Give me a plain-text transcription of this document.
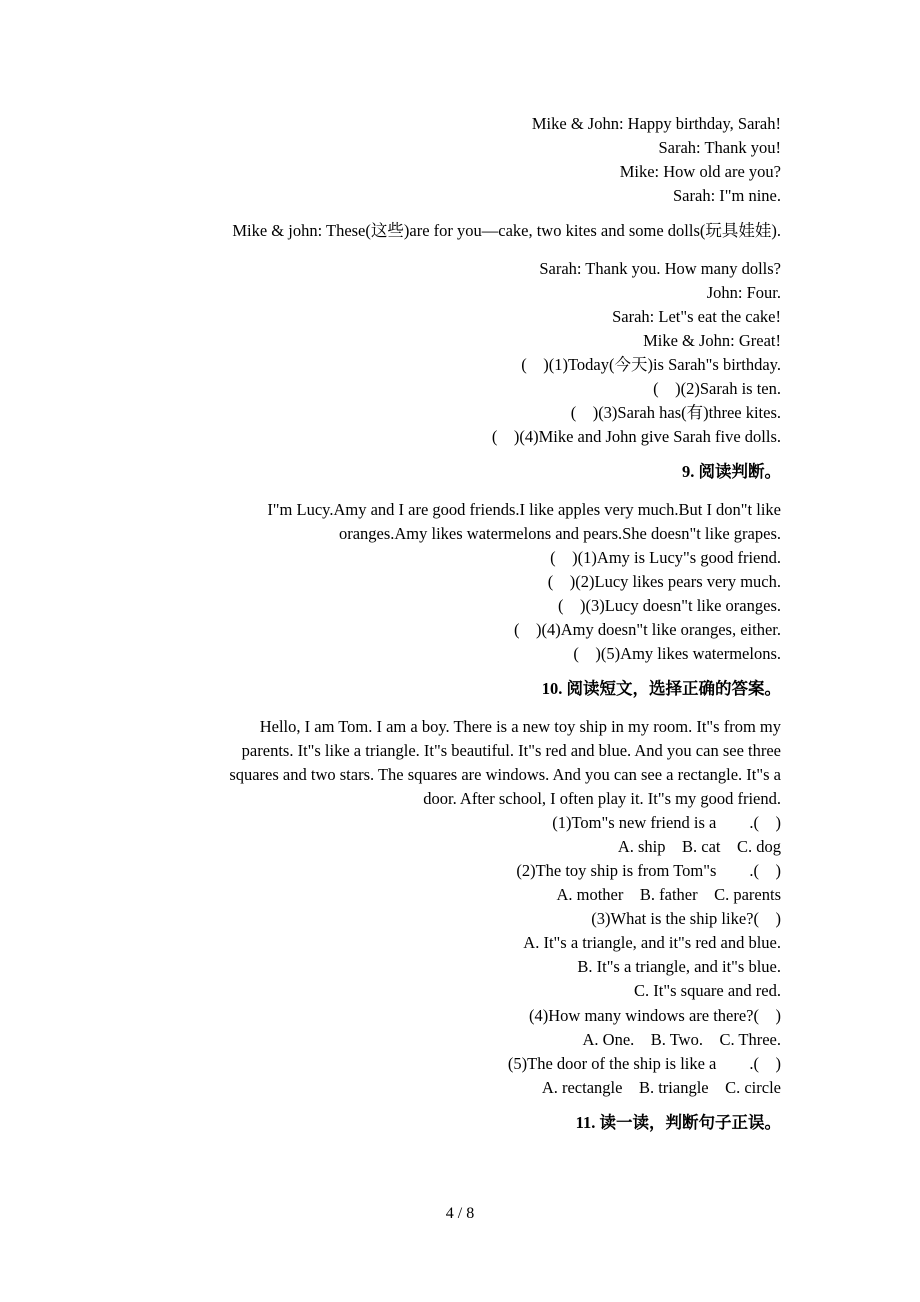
Mike & John: Happy birthday, Sarah!
Sarah: Thank you!
Mike: How old are you?
Sarah: I"m nine.
Mike & john: These(这些)are for you—cake, two kites and some dolls(玩具娃娃).
Sarah: Thank you. How many dolls?
John: Four.
Sarah: Let"s eat the cake!
Mike & John: Great!
(　)(1)Today(今天)is Sarah"s birthday.
(　)(2)Sarah is ten.
(　)(3)Sarah has(有)three kites.
(　)(4)Mike and John give Sarah five dolls.
9. 阅读判断。
I"m Lucy.Amy and I are good friends.I like apples very much.But I don"t like
oranges.Amy likes watermelons and pears.She doesn"t like grapes.
(　)(1)Amy is Lucy"s good friend.
(　)(2)Lucy likes pears very much.
(　)(3)Lucy doesn"t like oranges.
(　)(4)Amy doesn"t like oranges, either.
(　)(5)Amy likes watermelons.
10. 阅读短文，选择正确的答案。
Hello, I am Tom. I am a boy. There is a new toy ship in my room. It"s from my
parents. It"s like a triangle. It"s beautiful. It"s red and blue. And you can see three
squares and two stars. The squares are windows. And you can see a rectangle. It"s a
door. After school, I often play it. It"s my good friend.
(1)Tom"s new friend is a　　.(　)
A. ship　B. cat　C. dog
(2)The toy ship is from Tom"s　　.(　)
A. mother　B. father　C. parents
(3)What is the ship like?(　)
A. It"s a triangle, and it"s red and blue.
B. It"s a triangle, and it"s blue.
C. It"s square and red.
(4)How many windows are there?(　)
A. One.　B. Two.　C. Three.
(5)The door of the ship is like a　　.(　)
A. rectangle　B. triangle　C. circle
11. 读一读，判断句子正误。
4 / 8
